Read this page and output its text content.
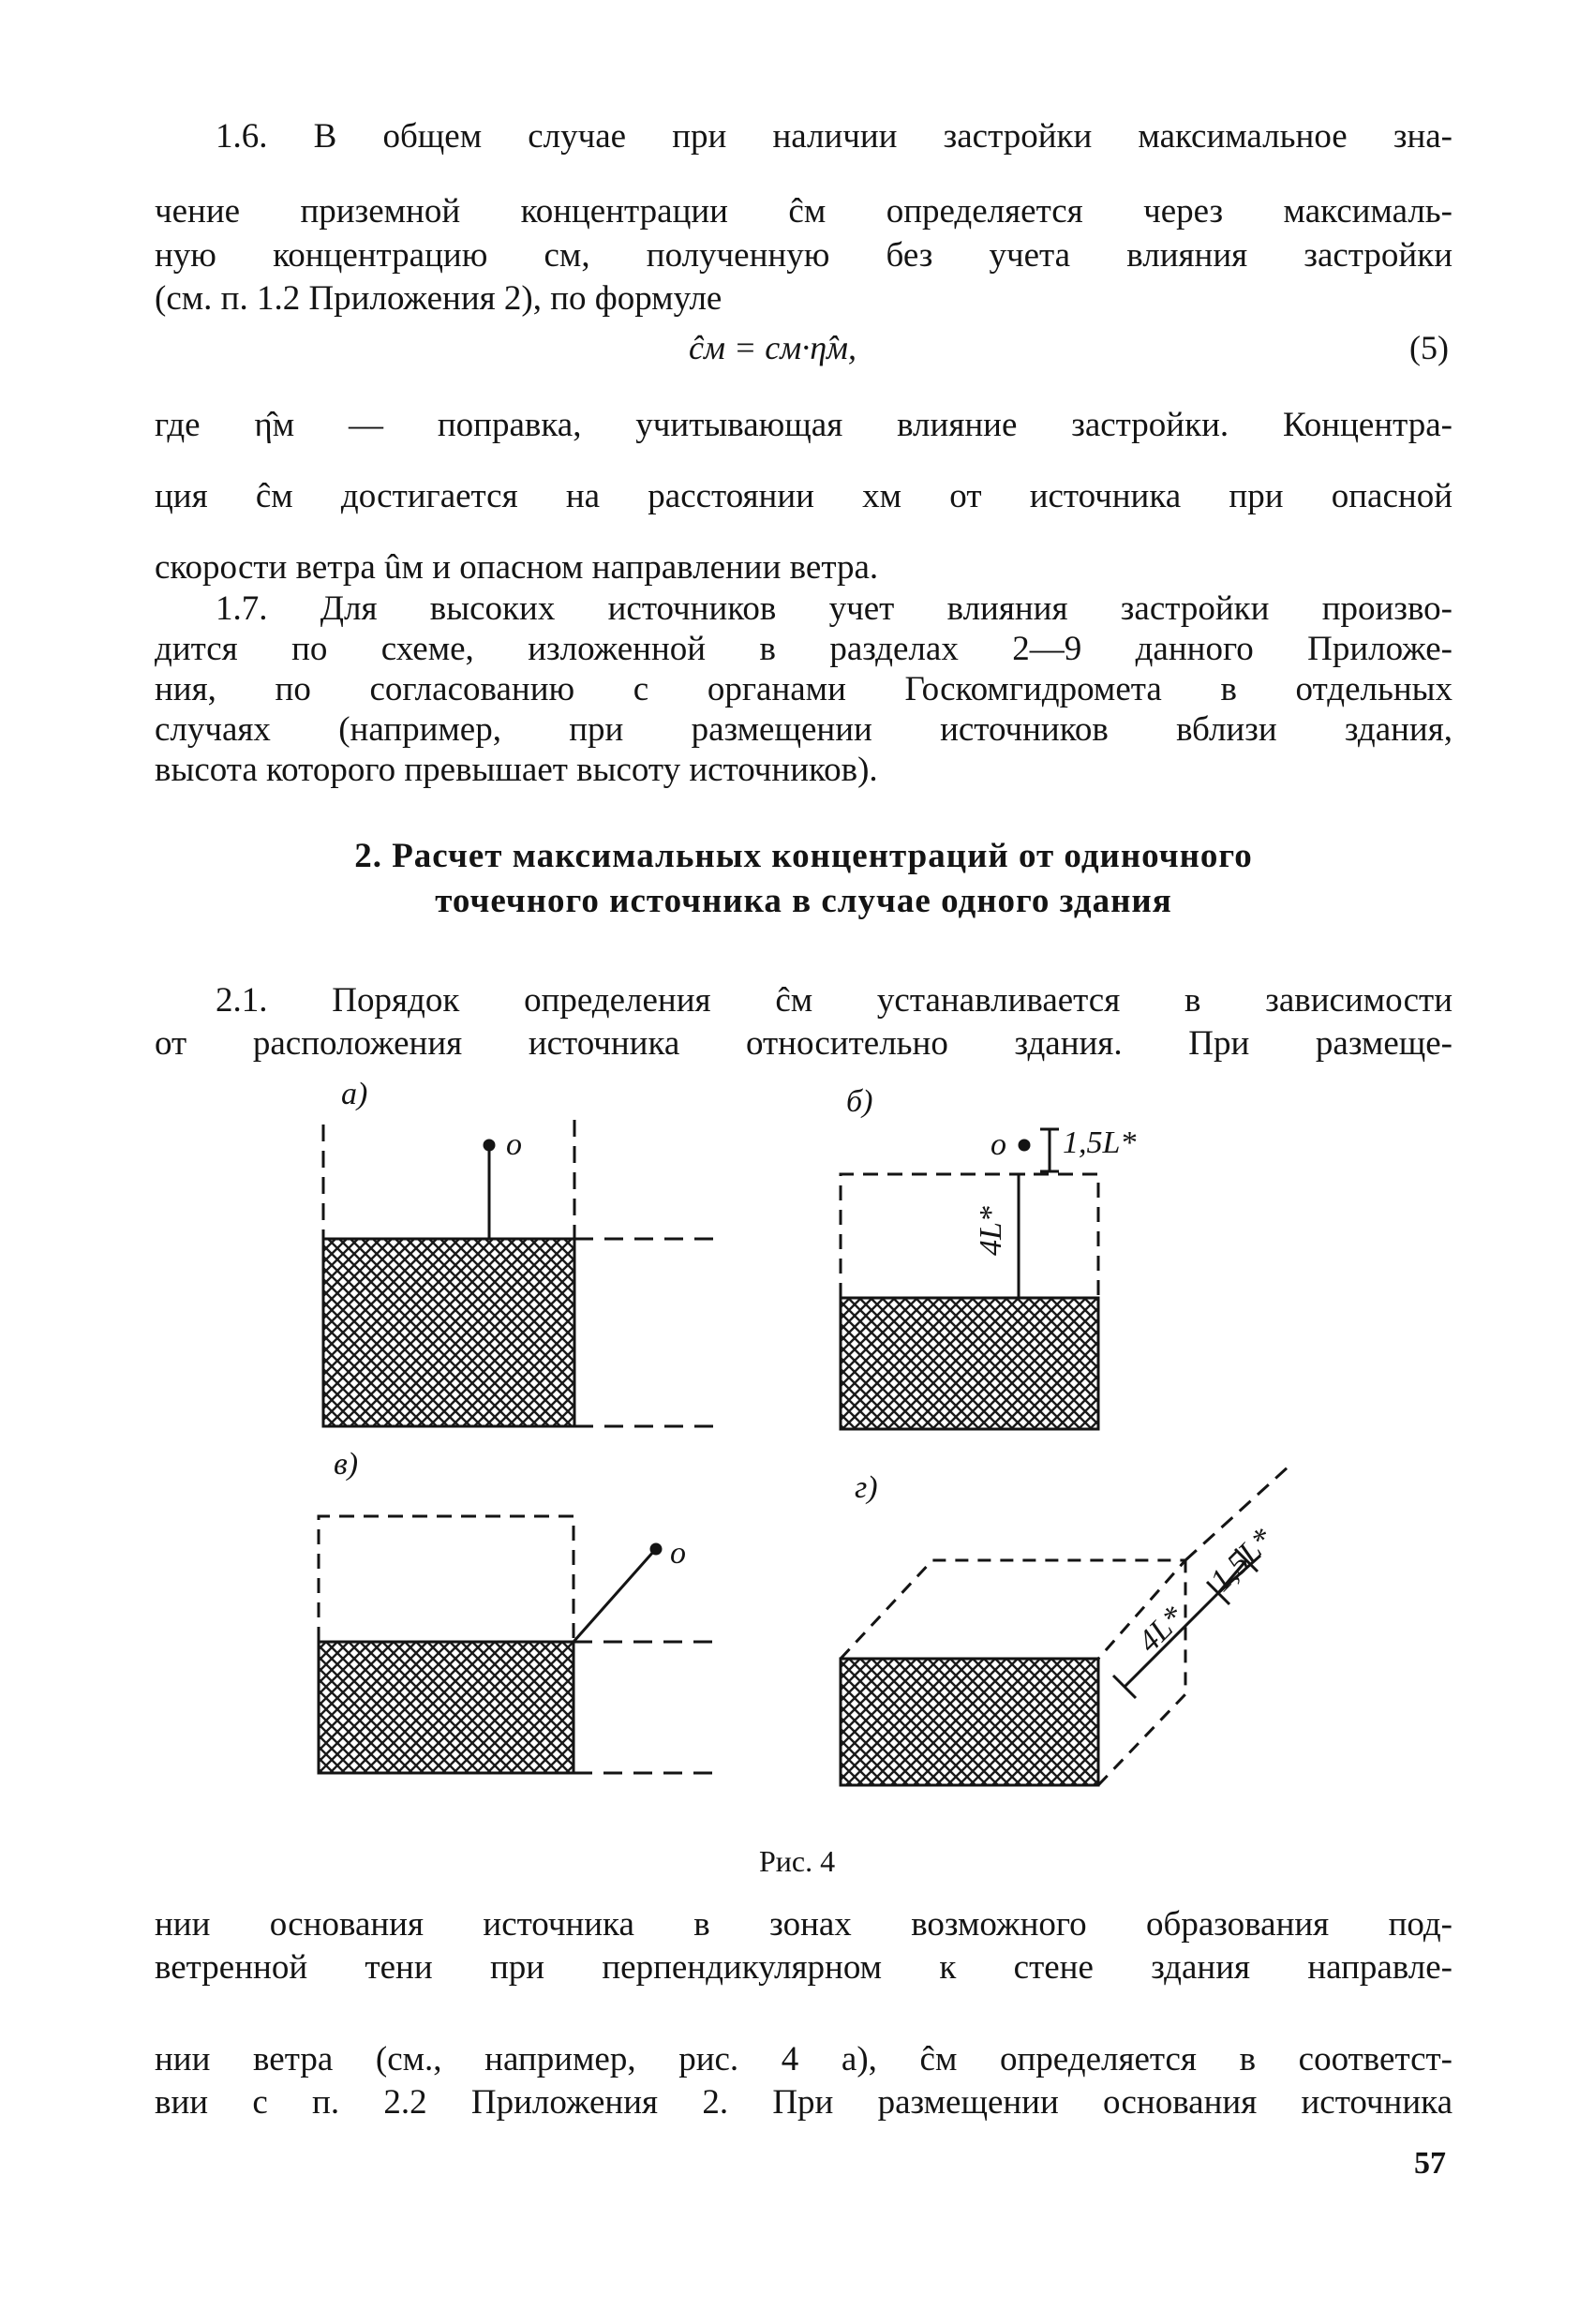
1.6. В общем случае при наличии застройки максимальное зна-
чение приземной концентрации ĉм определяется через максималь-
ную концентрацию cм, полученную без учета влияния застройки
(см. п. 1.2 Приложения 2), по формуле
ĉм = cм·η̂м,	(5)
где η̂м — поправка, учитывающая влияние застройки. Концентра-
ция ĉм достигается на расстоянии xм от источника при опасной
скорости ветра ûм и опасном направлении ветра.
1.7. Для высоких источников учет влияния застройки произво-
дится по схеме, изложенной в разделах 2—9 данного Приложе-
ния, по согласованию с органами Госкомгидромета в отдельных
случаях (например, при размещении источников вблизи здания,
высота которого превышает высоту источников).
2. Расчет максимальных концентраций от одиночного
точечного источника в случае одного здания
2.1. Порядок определения ĉм устанавливается в зависимости
от расположения источника относительно здания. При размеще-
а)	б)
в)
г)
о	о
о
1,5L*
4L*
4L*
1,5L*
Рис. 4
нии основания источника в зонах возможного образования под-
ветренной тени при перпендикулярном к стене здания направле-
нии ветра (см., например, рис. 4 а), ĉм определяется в соответст-
вии с п. 2.2 Приложения 2. При размещении основания источника
57
